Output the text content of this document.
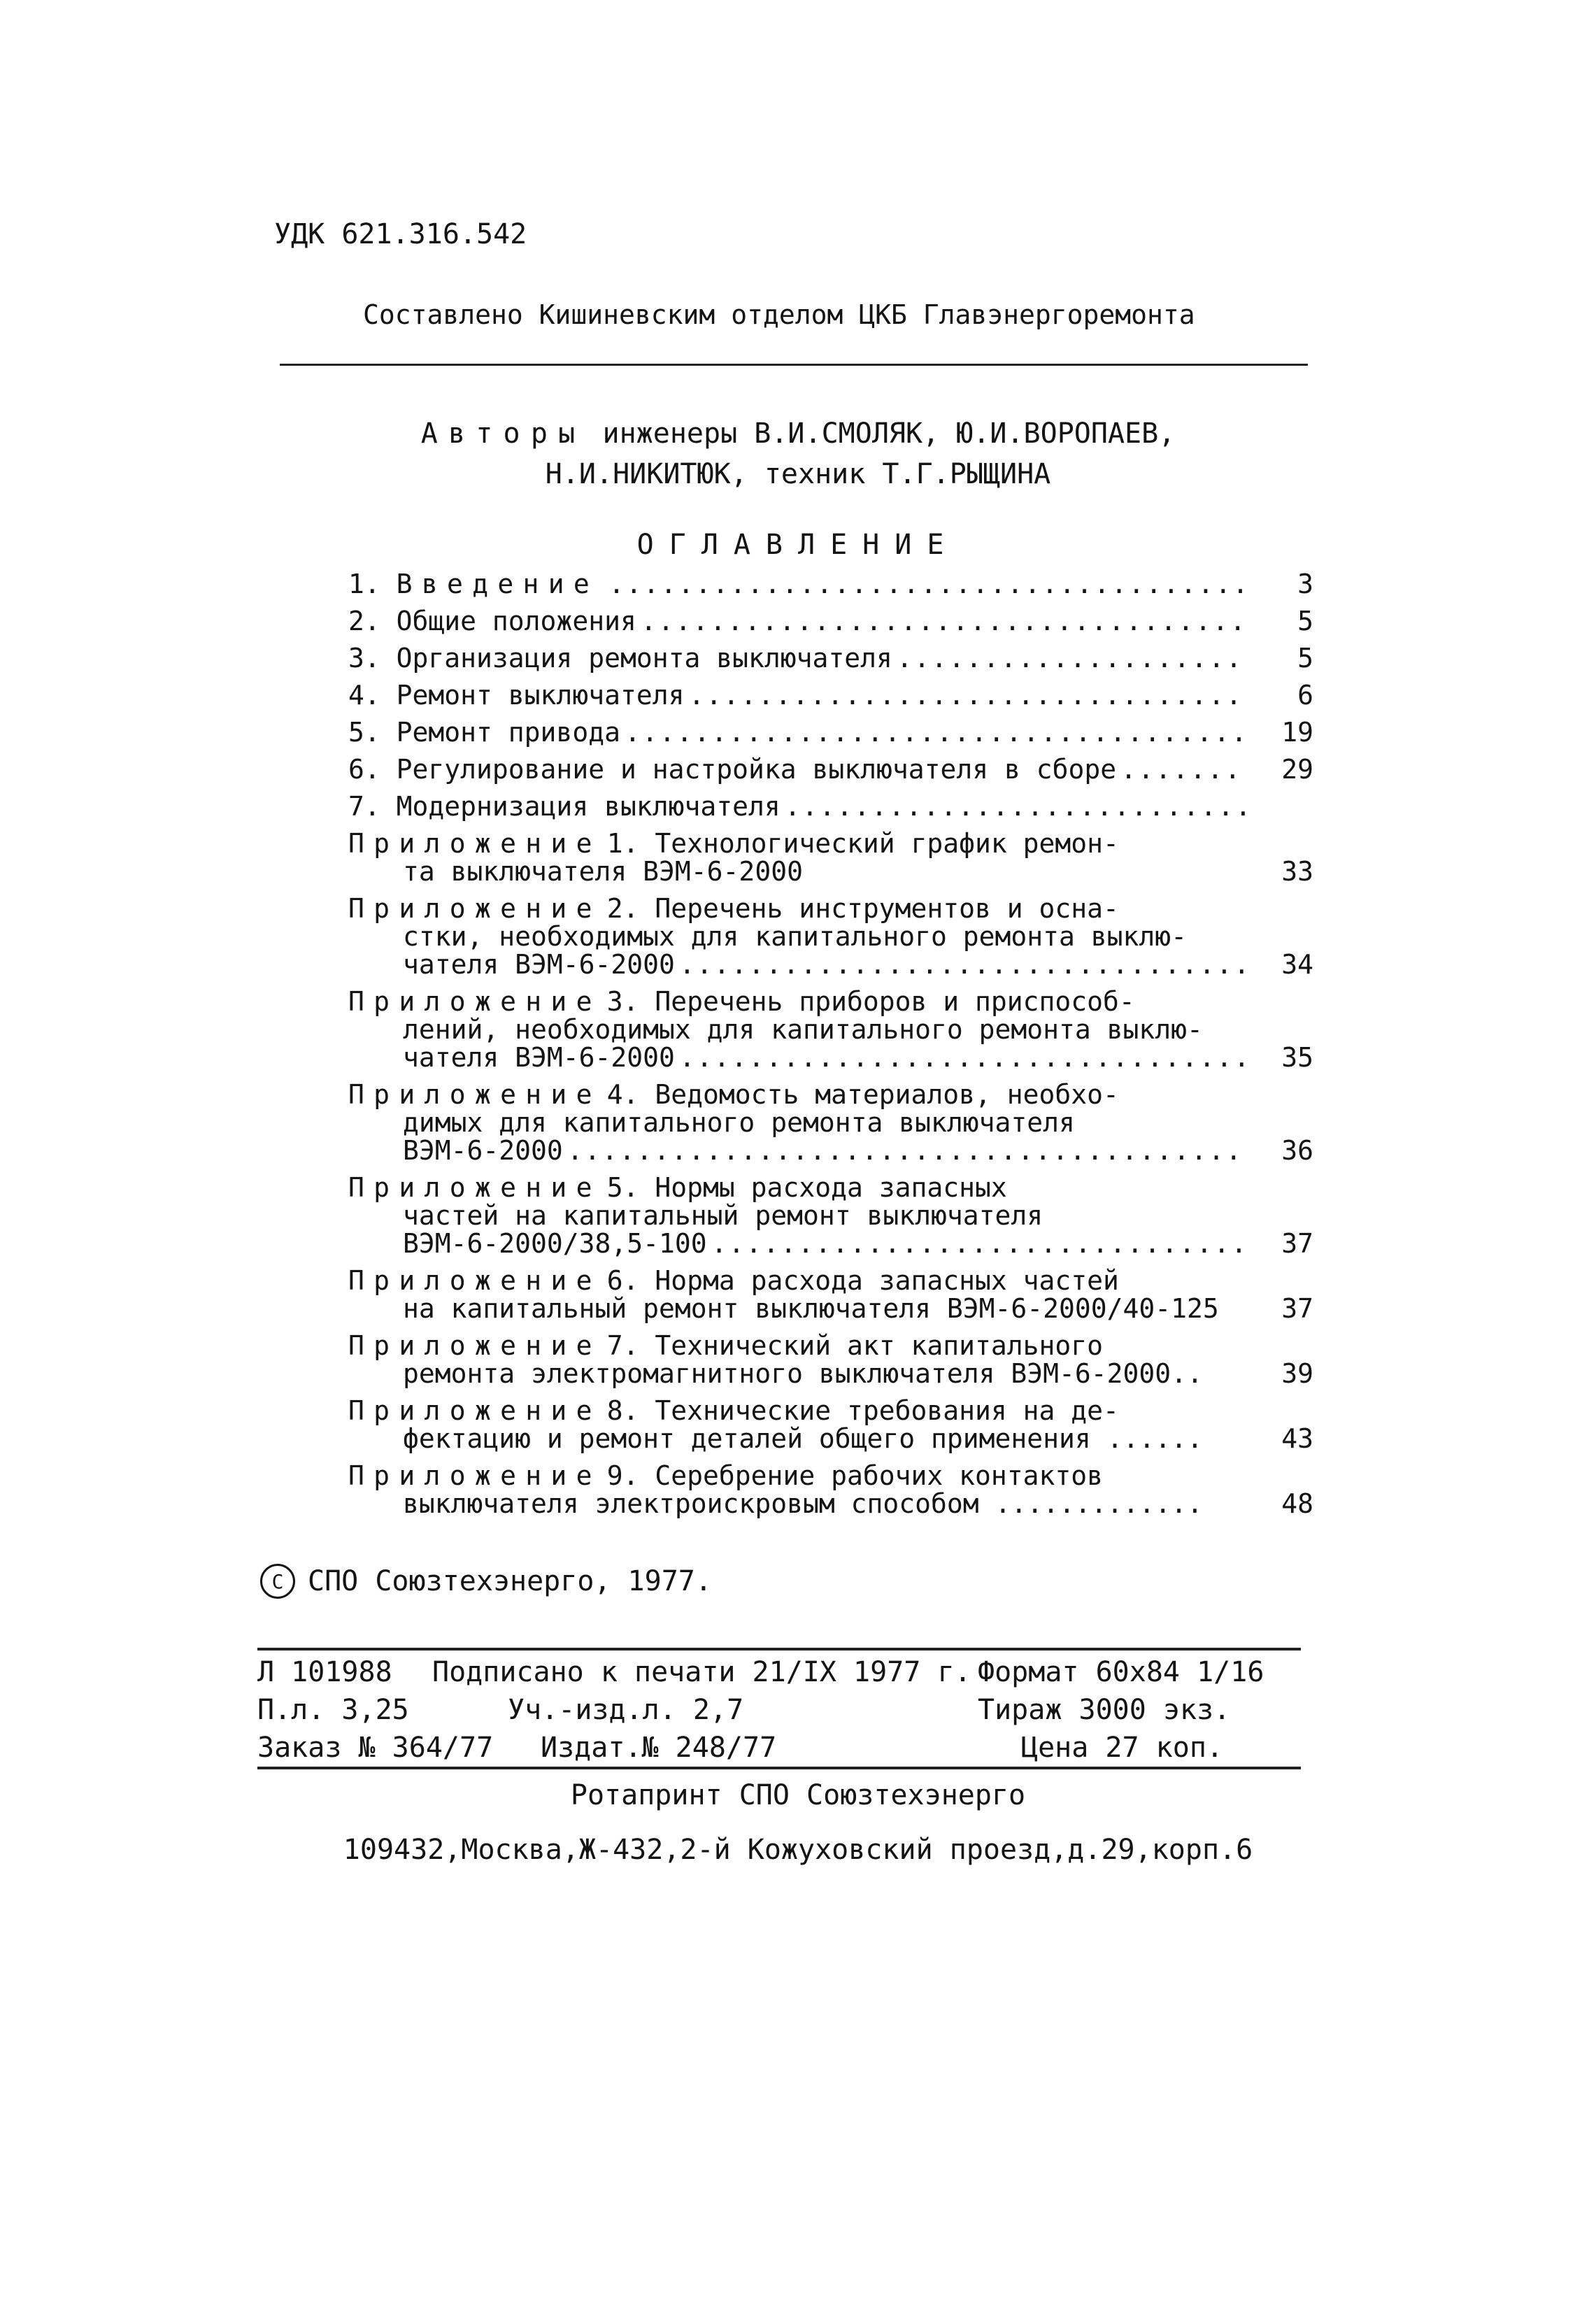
УДК 621.316.542
Составлено Кишиневским отделом ЦКБ Главэнергоремонта
Авторы инженеры В.И.СМОЛЯК, Ю.И.ВОРОПАЕВ,
Н.И.НИКИТЮК, техник Т.Г.РЫЩИНА
ОГЛАВЛЕНИЕ
1.
Введение .....	3
2.
Общие положения .....	5
3.
Организация ремонта выключателя .....	5
4.
Ремонт выключателя .....	6
5.
Ремонт привода .....	19
6.
Регулирование и настройка выключателя в сборе .....	29
7.
Модернизация выключателя
.....
Приложение 1. Технологический график ремон-
та выключателя ВЭМ-6-2000	33
Приложение 2. Перечень инструментов и осна-
стки, необходимых для капитального ремонта выклю-
чателя ВЭМ-6-2000 .....	34
Приложение 3. Перечень приборов и приспособ-
лений, необходимых для капитального ремонта выклю-
чателя ВЭМ-6-2000 .....	35
Приложение 4. Ведомость материалов, необхо-
димых для капитального ремонта выключателя
ВЭМ-6-2000 .....	36
Приложение 5. Нормы расхода запасных
частей на капитальный ремонт выключателя
ВЭМ-6-2000/38,5-100 .....	37
Приложение 6. Норма расхода запасных частей
на капитальный ремонт выключателя ВЭМ-6-2000/40-125	37
Приложение 7. Технический акт капитального
ремонта электромагнитного выключателя ВЭМ-6-2000..	39
Приложение 8. Технические требования на де-
фектацию и ремонт деталей общего применения ......	43
Приложение 9. Серебрение рабочих контактов
выключателя электроискровым способом .............	48
C СПО Союзтехэнерго, 1977.
Л 101988 Подписано к печати 21/IX 1977 г. Формат 60х84 1/16
П.л. 3,25	Уч.-изд.л. 2,7	Тираж 3000 экз.
Заказ № 364/77 Издат.№ 248/77	Цена 27 коп.
Ротапринт СПО Союзтехэнерго
109432,Москва,Ж-432,2-й Кожуховский проезд,д.29,корп.6
